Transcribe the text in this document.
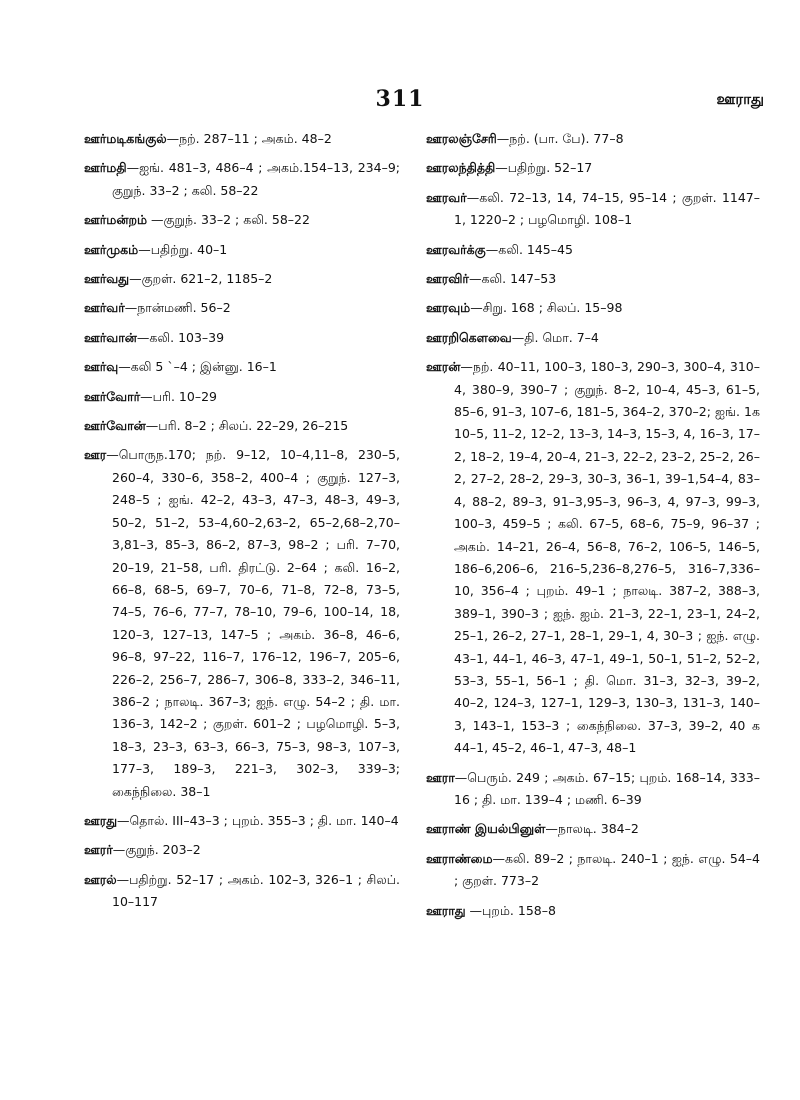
311	ஊராது

ஊர்மடிகங்குல்—நற். 287–11 ; அகம். 48–2

ஊர்மதி—ஐங். 481–3, 486–4 ; அகம்.154–13, 234–9; குறுந். 33–2 ; கலி. 58–22

ஊர்மன்றம் —குறுந். 33–2 ; கலி. 58–22

ஊர்முகம்—பதிற்று. 40–1

ஊர்வது—குறள். 621–2, 1185–2

ஊர்வர்—நான்மணி. 56–2

ஊர்வான்—கலி. 103–39

ஊர்வு—கலி 5 `–4 ; இன்னு. 16–1

ஊர்வோர்—பரி. 10–29

ஊர்வோன்—பரி. 8–2 ; சிலப். 22–29, 26–215

ஊர—பொருந.170; நற். 9–12, 10–4,11–8, 230–5, 260–4, 330–6, 358–2, 400–4 ; குறுந். 127–3, 248–5 ; ஐங். 42–2, 43–3, 47–3, 48–3, 49–3, 50–2, 51–2, 53–4,60–2,63–2, 65–2,68–2,70–3,81–3, 85–3, 86–2, 87–3, 98–2 ; பரி. 7–70, 20–19, 21–58, பரி. திரட்டு. 2–64 ; கலி. 16–2, 66–8, 68–5, 69–7, 70–6, 71–8, 72–8, 73–5, 74–5, 76–6, 77–7, 78–10, 79–6, 100–14, 18, 120–3, 127–13, 147–5 ; அகம். 36–8, 46–6, 96–8, 97–22, 116–7, 176–12, 196–7, 205–6, 226–2, 256–7, 286–7, 306–8, 333–2, 346–11, 386–2 ; நாலடி. 367–3; ஐந். எழு. 54–2 ; தி. மா. 136–3, 142–2 ; குறள். 601–2 ; பழமொழி. 5–3, 18–3, 23–3, 63–3, 66–3, 75–3, 98–3, 107–3, 177–3, 189–3, 221–3, 302–3, 339–3; கைந்நிலை. 38–1

ஊரது—தொல். III–43–3 ; புறம். 355–3 ; தி. மா. 140–4

ஊரர்—குறுந். 203–2

ஊரல்—பதிற்று. 52–17 ; அகம். 102–3, 326–1 ; சிலப். 10–117

ஊரலஞ்சேரி—நற். (பா. பே). 77–8

ஊரலந்தித்தி—பதிற்று. 52–17

ஊரவர்—கலி. 72–13, 14, 74–15, 95–14 ; குறள். 1147–1, 1220–2 ; பழமொழி. 108–1

ஊரவர்க்கு—கலி. 145–45

ஊரவிர்—கலி. 147–53

ஊரவும்—சிறு. 168 ; சிலப். 15–98

ஊரறிகௌவை—தி. மொ. 7–4

ஊரன்—நற். 40–11, 100–3, 180–3, 290–3, 300–4, 310–4, 380–9, 390–7 ; குறுந். 8–2, 10–4, 45–3, 61–5, 85–6, 91–3, 107–6, 181–5, 364–2, 370–2; ஐங். 1க 10–5, 11–2, 12–2, 13–3, 14–3, 15–3, 4, 16–3, 17–2, 18–2, 19–4, 20–4, 21–3, 22–2, 23–2, 25–2, 26–2, 27–2, 28–2, 29–3, 30–3, 36–1, 39–1,54–4, 83–4, 88–2, 89–3, 91–3,95–3, 96–3, 4, 97–3, 99–3, 100–3, 459–5 ; கலி. 67–5, 68–6, 75–9, 96–37 ; அகம். 14–21, 26–4, 56–8, 76–2, 106–5, 146–5, 186–6,206–6, 216–5,236–8,276–5, 316–7,336–10, 356–4 ; புறம். 49–1 ; நாலடி. 387–2, 388–3, 389–1, 390–3 ; ஐந். ஐம். 21–3, 22–1, 23–1, 24–2, 25–1, 26–2, 27–1, 28–1, 29–1, 4, 30–3 ; ஐந். எழு. 43–1, 44–1, 46–3, 47–1, 49–1, 50–1, 51–2, 52–2, 53–3, 55–1, 56–1 ; தி. மொ. 31–3, 32–3, 39–2, 40–2, 124–3, 127–1, 129–3, 130–3, 131–3, 140–3, 143–1, 153–3 ; கைந்நிலை. 37–3, 39–2, 40 க 44–1, 45–2, 46–1, 47–3, 48–1

ஊரா—பெரும். 249 ; அகம். 67–15; புறம். 168–14, 333–16 ; தி. மா. 139–4 ; மணி. 6–39

ஊராண் இயல்பினுள்—நாலடி. 384–2

ஊராண்மை—கலி. 89–2 ; நாலடி. 240–1 ; ஐந். எழு. 54–4 ; குறள். 773–2

ஊராது —புறம். 158–8
